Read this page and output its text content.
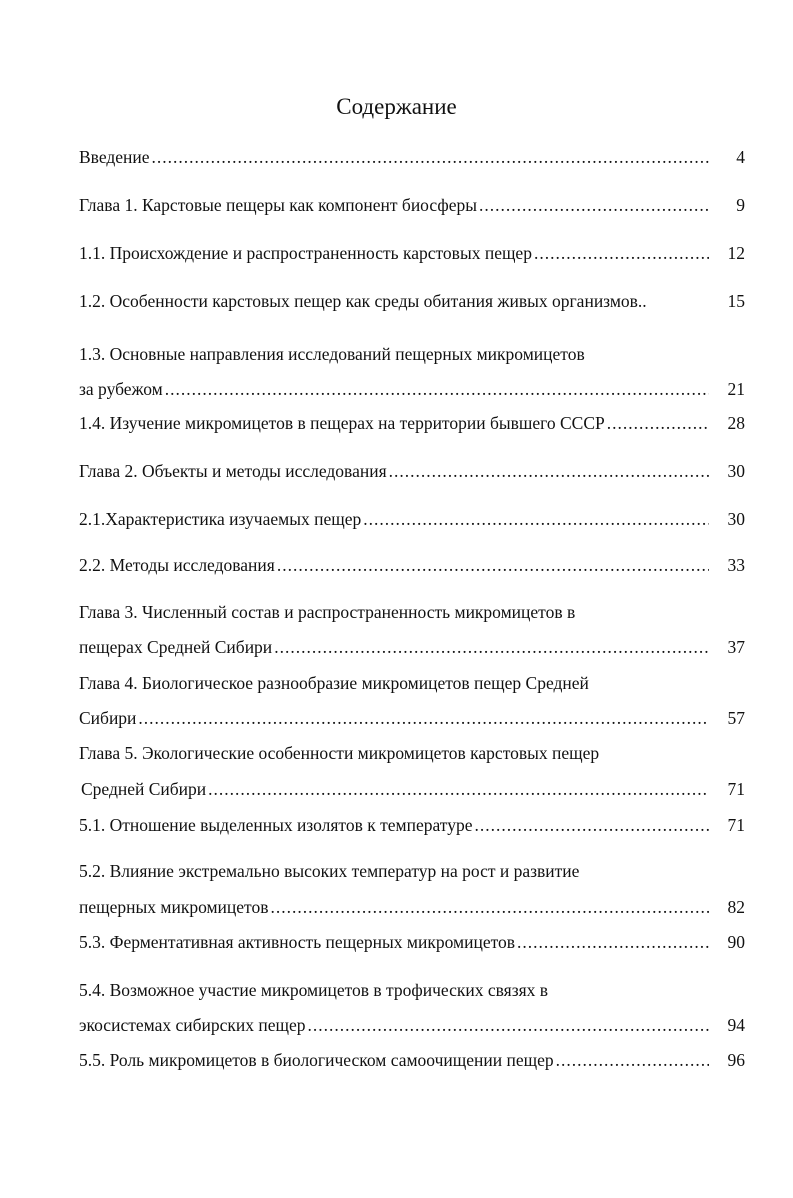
Содержание
Введение .....	4
Глава 1. Карстовые пещеры как компонент биосферы .....	9
1.1. Происхождение и распространенность карстовых пещер .....	12
1.2. Особенности карстовых пещер как среды обитания живых организмов..	15
1.3. Основные направления исследований пещерных микромицетов
за рубежом .....	21
1.4. Изучение микромицетов в пещерах на территории бывшего СССР .....	28
Глава 2. Объекты и методы исследования .....	30
2.1.Характеристика изучаемых пещер .....	30
2.2. Методы исследования .....	33
Глава 3. Численный состав и распространенность микромицетов в
пещерах Средней Сибири .....	37
Глава 4. Биологическое разнообразие микромицетов пещер Средней
Сибири .....	57
Глава 5. Экологические особенности микромицетов карстовых пещер
Средней Сибири .....	71
5.1. Отношение выделенных изолятов к температуре .....	71
5.2. Влияние экстремально высоких температур на рост и развитие
пещерных микромицетов .....	82
5.3. Ферментативная активность пещерных микромицетов .....	90
5.4. Возможное участие микромицетов в трофических связях в
экосистемах сибирских пещер .....	94
5.5. Роль микромицетов в биологическом самоочищении пещер .....	96
